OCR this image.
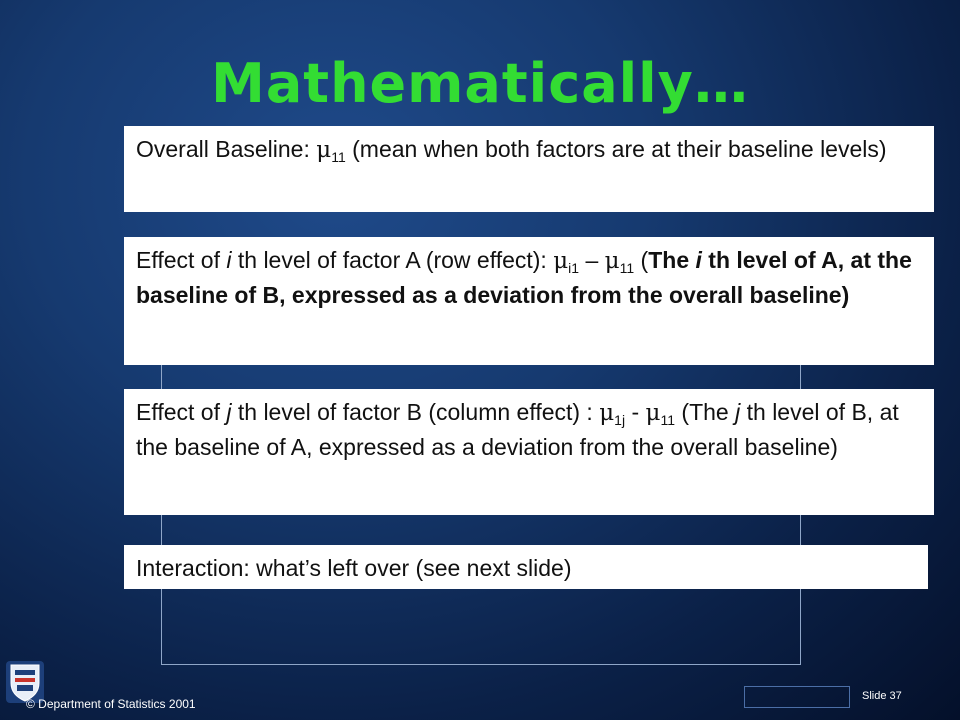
Mathematically…
Overall Baseline: $\mu_{11}$ (mean when both factors are at their baseline levels)
Effect of i th level of factor A (row effect): $\mu_{i1} - \mu_{11}$ (The i th level of A, at the baseline of B, expressed as a deviation from the overall baseline)
Effect of j th level of factor B (column effect) : $\mu_{1j} - \mu_{11}$ (The j th level of B, at the baseline of A, expressed as a deviation from the overall baseline)
Interaction: what’s left over (see next slide)
© Department of Statistics 2001
Slide 37
